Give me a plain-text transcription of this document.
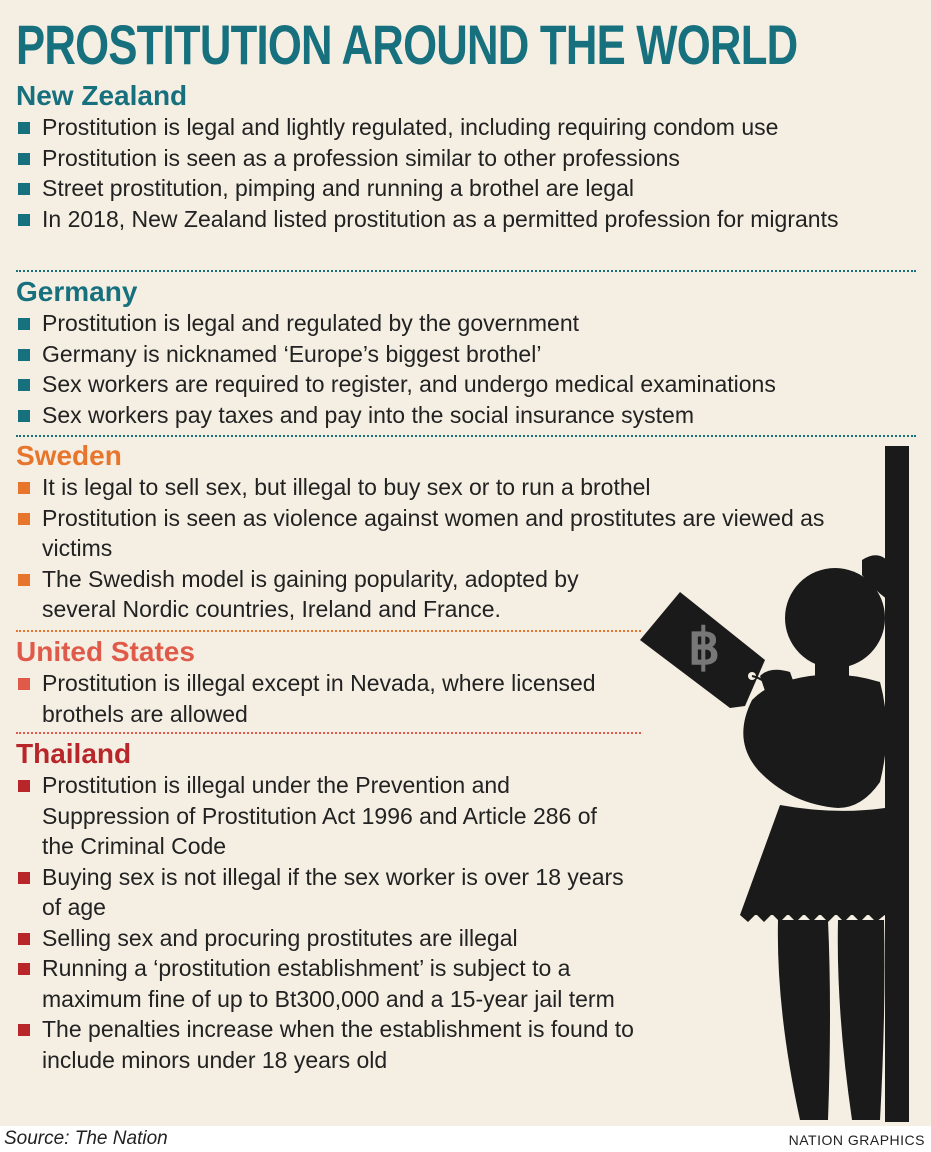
PROSTITUTION AROUND THE WORLD
New Zealand
Prostitution is legal and lightly regulated, including requiring condom use
Prostitution is seen as a profession similar to other professions
Street prostitution, pimping and running a brothel are legal
In 2018, New Zealand listed prostitution as a permitted profession for migrants
Germany
Prostitution is legal and regulated by the government
Germany is nicknamed ‘Europe’s biggest brothel’
Sex workers are required to register, and undergo medical examinations
Sex workers pay taxes and pay into the social insurance system
Sweden
It is legal to sell sex, but illegal to buy sex or to run a brothel
Prostitution is seen as violence against women and prostitutes are viewed as victims
The Swedish model is gaining popularity, adopted by several Nordic countries, Ireland and France.
United States
Prostitution is illegal except in Nevada, where licensed brothels are allowed
Thailand
Prostitution is illegal under the Prevention and Suppression of Prostitution Act 1996 and Article 286 of the Criminal Code
Buying sex is not illegal if the sex worker is over 18 years of age
Selling sex and procuring prostitutes are illegal
Running a ‘prostitution establishment’ is subject to a maximum fine of up to Bt300,000 and a 15-year jail term
The penalties increase when the establishment is found to include minors under 18 years old
฿
Source: The Nation	NATION GRAPHICS
